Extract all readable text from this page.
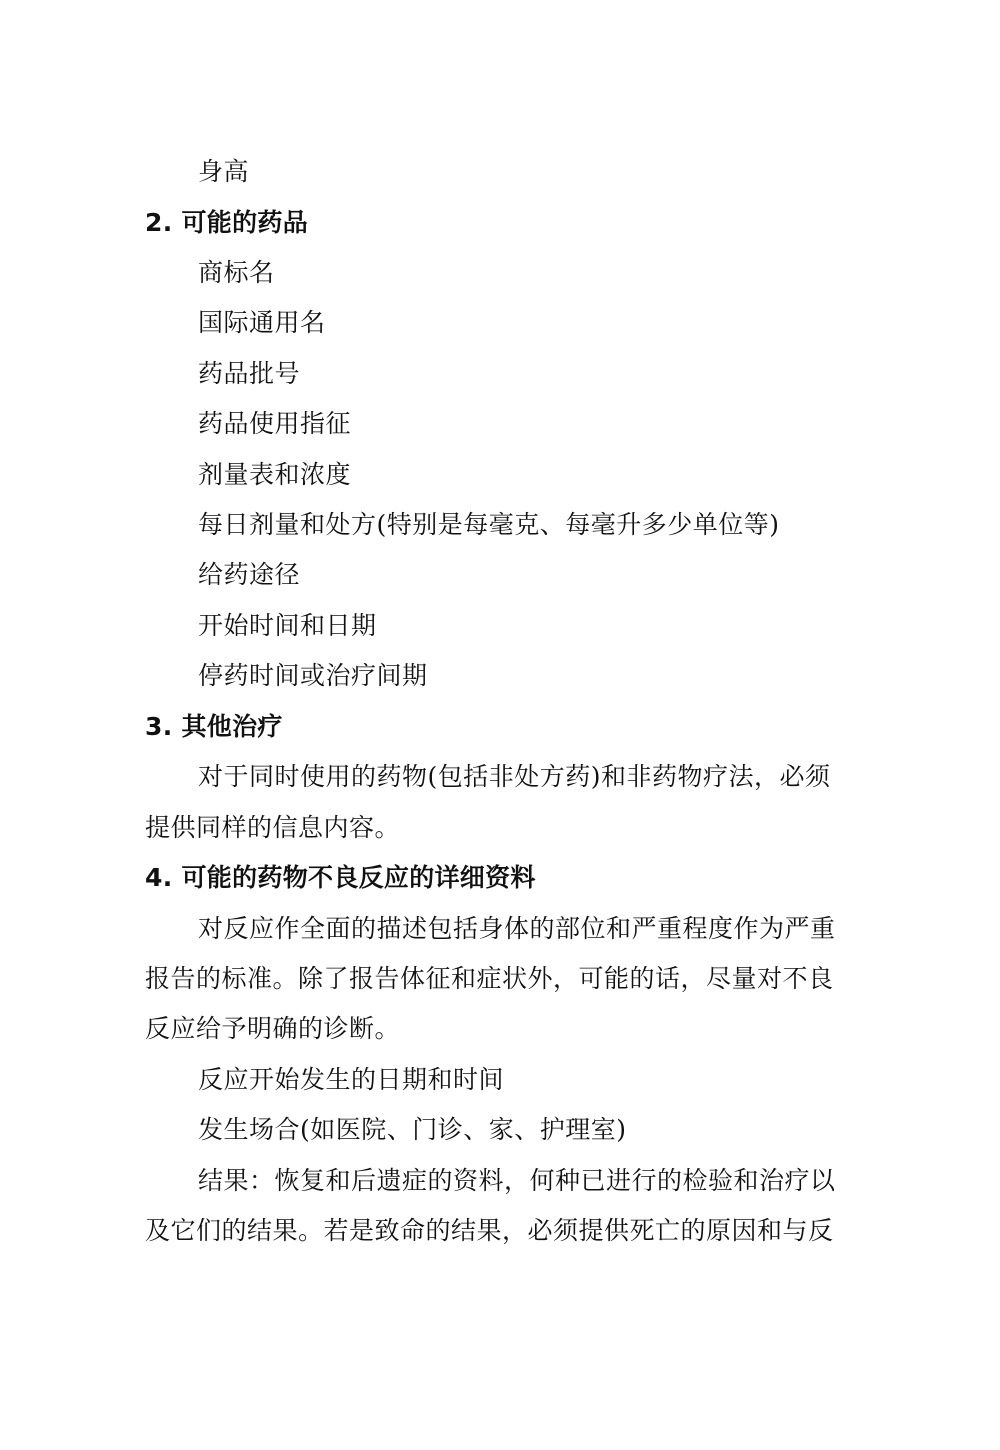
身高
2. 可能的药品
商标名
国际通用名
药品批号
药品使用指征
剂量表和浓度
每日剂量和处方(特别是每毫克、每毫升多少单位等)
给药途径
开始时间和日期
停药时间或治疗间期
3. 其他治疗
对于同时使用的药物(包括非处方药)和非药物疗法，必须
提供同样的信息内容。
4. 可能的药物不良反应的详细资料
对反应作全面的描述包括身体的部位和严重程度作为严重
报告的标准。除了报告体征和症状外，可能的话，尽量对不良
反应给予明确的诊断。
反应开始发生的日期和时间
发生场合(如医院、门诊、家、护理室)
结果：恢复和后遗症的资料，何种已进行的检验和治疗以
及它们的结果。若是致命的结果，必须提供死亡的原因和与反
